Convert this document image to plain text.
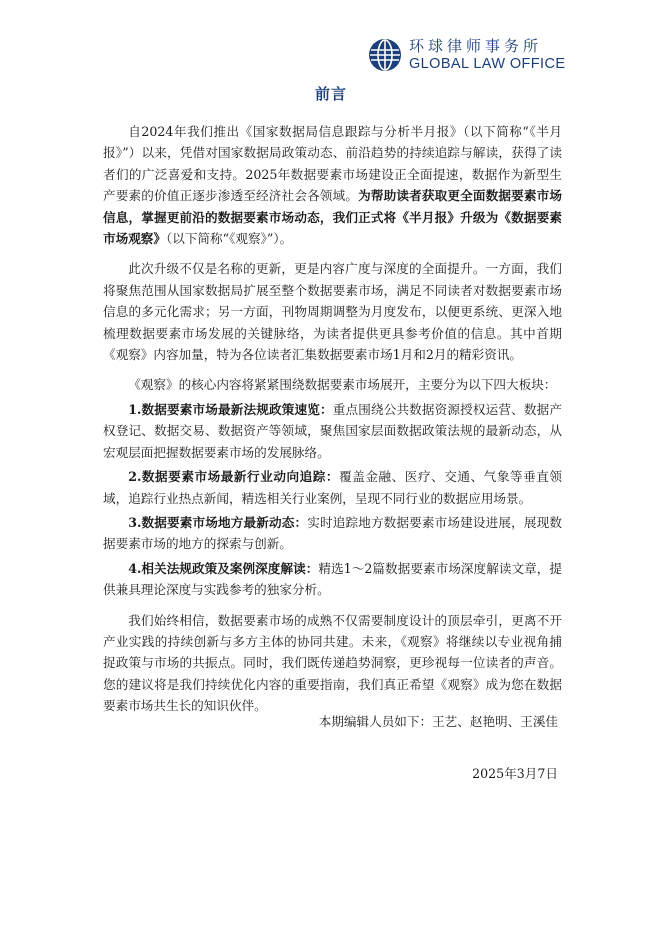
环球律师事务所
GLOBAL LAW OFFICE
前言

自2024年我们推出《国家数据局信息跟踪与分析半月报》（以下简称“《半月报》”）以来，凭借对国家数据局政策动态、前沿趋势的持续追踪与解读，获得了读者们的广泛喜爱和支持。2025年数据要素市场建设正全面提速，数据作为新型生产要素的价值正逐步渗透至经济社会各领域。为帮助读者获取更全面数据要素市场信息，掌握更前沿的数据要素市场动态，我们正式将《半月报》升级为《数据要素市场观察》（以下简称“《观察》”）。

此次升级不仅是名称的更新，更是内容广度与深度的全面提升。一方面，我们将聚焦范围从国家数据局扩展至整个数据要素市场，满足不同读者对数据要素市场信息的多元化需求；另一方面，刊物周期调整为月度发布，以便更系统、更深入地梳理数据要素市场发展的关键脉络，为读者提供更具参考价值的信息。其中首期《观察》内容加量，特为各位读者汇集数据要素市场1月和2月的精彩资讯。

《观察》的核心内容将紧紧围绕数据要素市场展开，主要分为以下四大板块：

1.数据要素市场最新法规政策速览：重点围绕公共数据资源授权运营、数据产权登记、数据交易、数据资产等领域，聚焦国家层面数据政策法规的最新动态，从宏观层面把握数据要素市场的发展脉络。

2.数据要素市场最新行业动向追踪：覆盖金融、医疗、交通、气象等垂直领域，追踪行业热点新闻，精选相关行业案例，呈现不同行业的数据应用场景。

3.数据要素市场地方最新动态：实时追踪地方数据要素市场建设进展，展现数据要素市场的地方的探索与创新。

4.相关法规政策及案例深度解读：精选1～2篇数据要素市场深度解读文章，提供兼具理论深度与实践参考的独家分析。

我们始终相信，数据要素市场的成熟不仅需要制度设计的顶层牵引，更离不开产业实践的持续创新与多方主体的协同共建。未来，《观察》将继续以专业视角捕捉政策与市场的共振点。同时，我们既传递趋势洞察，更珍视每一位读者的声音。您的建议将是我们持续优化内容的重要指南，我们真正希望《观察》成为您在数据要素市场共生长的知识伙伴。

本期编辑人员如下：王艺、赵艳明、王溪佳
2025年3月7日
